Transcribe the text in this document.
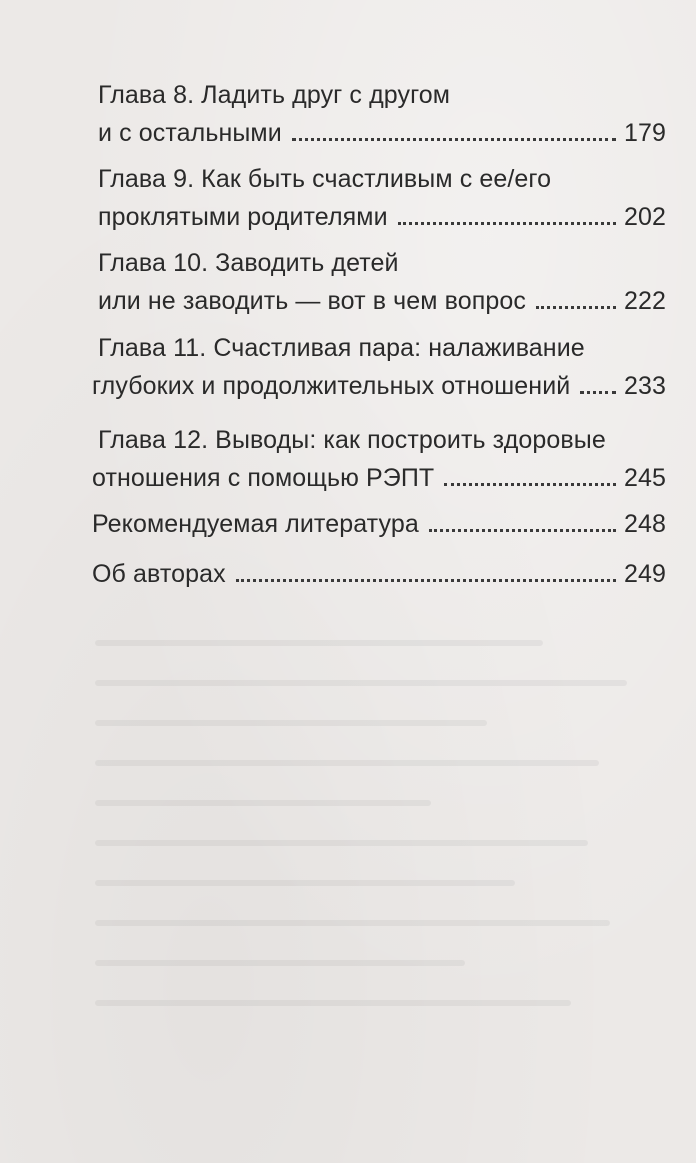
Глава 8. Ладить друг с другом
и с остальными	179
Глава 9. Как быть счастливым с ее/его
проклятыми родителями	202
Глава 10. Заводить детей
или не заводить — вот в чем вопрос	222
Глава 11. Счастливая пара: налаживание
глубоких и продолжительных отношений 233
Глава 12. Выводы: как построить здоровые
отношения с помощью РЭПТ	245
Рекомендуемая литература	248
Об авторах	249
